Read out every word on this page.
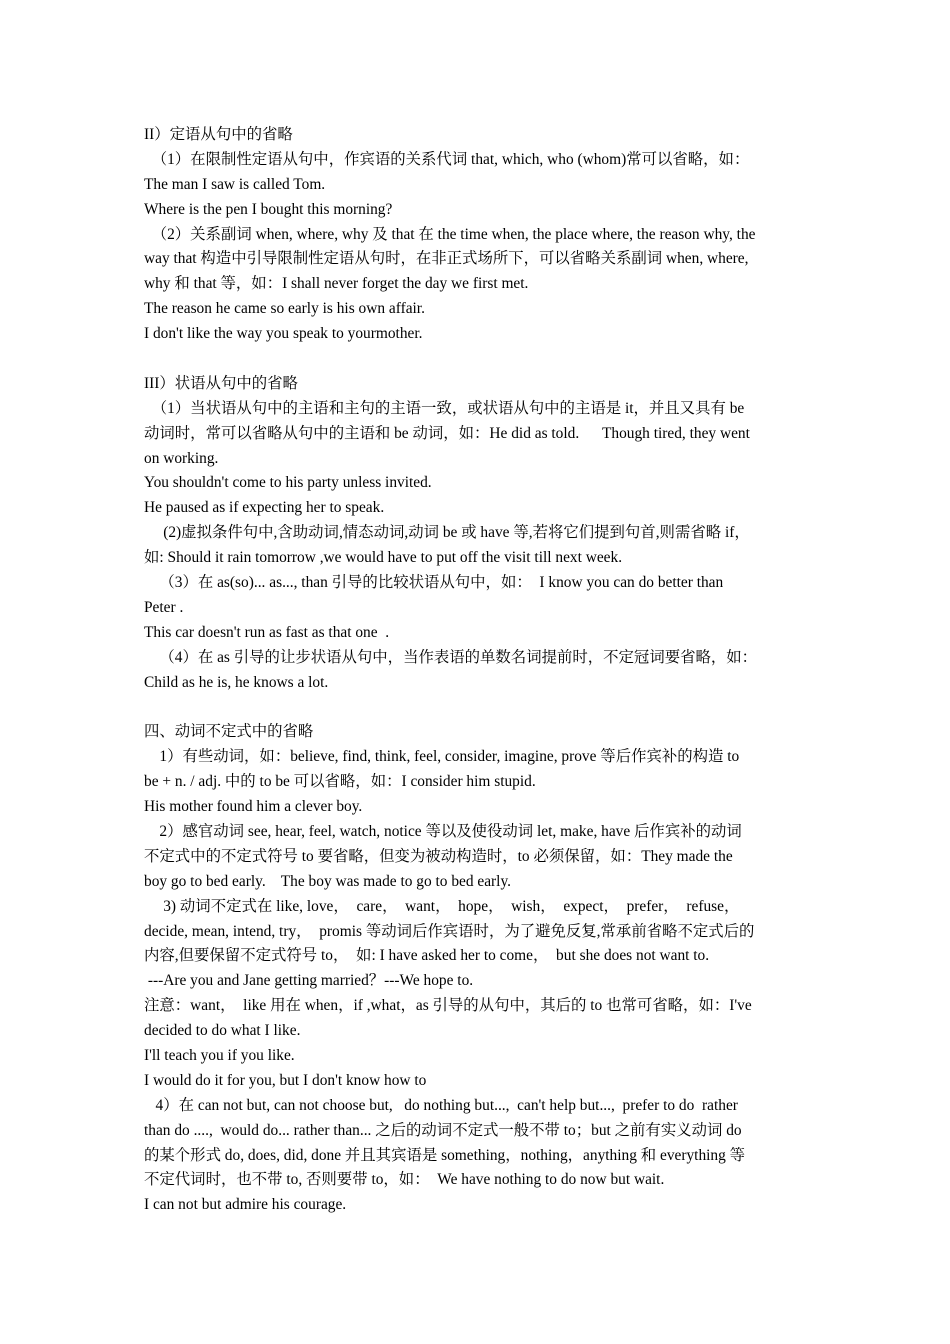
II）定语从句中的省略
（1）在限制性定语从句中，作宾语的关系代词 that, which, who (whom)常可以省略，如：
The man I saw is called Tom.
Where is the pen I bought this morning?
（2）关系副词 when, where, why 及 that 在 the time when, the place where, the reason why, the
way that 构造中引导限制性定语从句时，在非正式场所下，可以省略关系副词 when, where,
why 和 that 等，如：I shall never forget the day we first met.
The reason he came so early is his own affair.
I don't like the way you speak to yourmother.
III）状语从句中的省略
（1）当状语从句中的主语和主句的主语一致，或状语从句中的主语是 it，并且又具有 be
动词时，常可以省略从句中的主语和 be 动词，如：He did as told.      Though tired, they went
on working.
You shouldn't come to his party unless invited.
He paused as if expecting her to speak.
(2)虚拟条件句中,含助动词,情态动词,动词 be 或 have 等,若将它们提到句首,则需省略 if，
如: Should it rain tomorrow ,we would have to put off the visit till next week.
（3）在 as(so)... as..., than 引导的比较状语从句中，如：  I know you can do better than
Peter .
This car doesn't run as fast as that one  .
（4）在 as 引导的让步状语从句中，当作表语的单数名词提前时，不定冠词要省略，如：
Child as he is, he knows a lot.
四、动词不定式中的省略
1）有些动词，如：believe, find, think, feel, consider, imagine, prove 等后作宾补的构造 to
be + n. / adj. 中的 to be 可以省略，如：I consider him stupid.
His mother found him a clever boy.
2）感官动词 see, hear, feel, watch, notice 等以及使役动词 let, make, have 后作宾补的动词
不定式中的不定式符号 to 要省略，但变为被动构造时，to 必须保留，如：They made the
boy go to bed early.    The boy was made to go to bed early.
3) 动词不定式在 like, love，  care，  want，  hope，  wish，  expect，  prefer，  refuse，
decide, mean, intend, try，  promis 等动词后作宾语时，为了避免反复,常承前省略不定式后的
内容,但要保留不定式符号 to，  如: I have asked her to come，  but she does not want to.
---Are you and Jane getting married？---We hope to.
注意：want，  like 用在 when，if ,what，as 引导的从句中，其后的 to 也常可省略，如：I've
decided to do what I like.
I'll teach you if you like.
I would do it for you, but I don't know how to
4）在 can not but, can not choose but,   do nothing but...,  can't help but...,  prefer to do  rather
than do ....,  would do... rather than... 之后的动词不定式一般不带 to；but 之前有实义动词 do
的某个形式 do, does, did, done 并且其宾语是 something，nothing，anything 和 everything 等
不定代词时，也不带 to, 否则要带 to，如：  We have nothing to do now but wait.
I can not but admire his courage.
